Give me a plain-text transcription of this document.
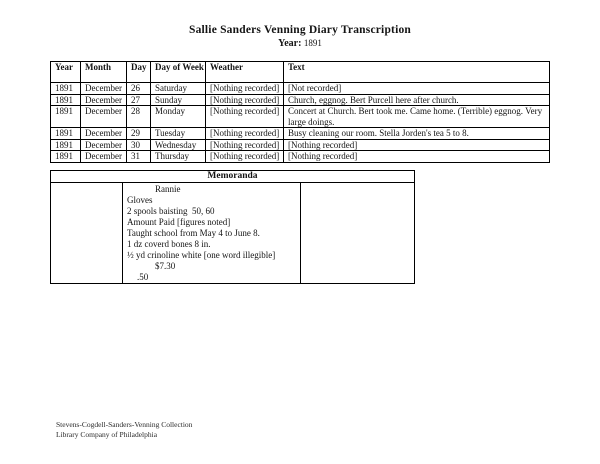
Sallie Sanders Venning Diary Transcription
Year: 1891
Year	Month	Day	Day of Week	Weather	Text
1891	December	26	Saturday	[Nothing recorded]	[Not recorded]
1891	December	27	Sunday	[Nothing recorded]	Church, eggnog. Bert Purcell here after church.
1891	December	28	Monday	[Nothing recorded]	Concert at Church. Bert took me. Came home. (Terrible) eggnog. Very large doings.
1891	December	29	Tuesday	[Nothing recorded]	Busy cleaning our room. Stella Jorden's tea 5 to 8.
1891	December	30	Wednesday	[Nothing recorded]	[Nothing recorded]
1891	December	31	Thursday	[Nothing recorded]	[Nothing recorded]
Memoranda

Rannie
Gloves
2 spools baisting  50, 60
Amount Paid [figures noted]
Taught school from May 4 to June 8.
1 dz coverd bones 8 in.
½ yd crinoline white [one word illegible]
$7.30
.50

Stevens-Cogdell-Sanders-Venning Collection
Library Company of Philadelphia
